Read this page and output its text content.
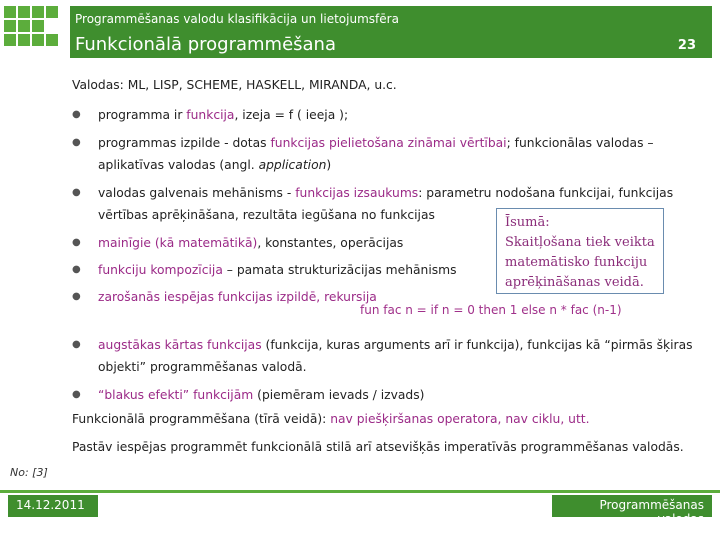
Programmēšanas valodu klasifikācija un lietojumsfēra
Funkcionālā programmēšana	23
Valodas: ML, LISP, SCHEME, HASKELL, MIRANDA, u.c.
● programma ir funkcija, izeja = f ( ieeja );
● programmas izpilde - dotas funkcijas pielietošana zināmai vērtībai; funkcionālas valodas –
aplikatīvas valodas (angl. application)
● valodas galvenais mehānisms - funkcijas izsaukums: parametru nodošana funkcijai, funkcijas
vērtības aprēķināšana, rezultāta iegūšana no funkcijas
● mainīgie (kā matemātikā), konstantes, operācijas
● funkciju kompozīcija – pamata strukturizācijas mehānisms
● zarošanās iespējas funkcijas izpildē, rekursija
● augstākas kārtas funkcijas (funkcija, kuras arguments arī ir funkcija), funkcijas kā “pirmās šķiras
objekti” programmēšanas valodā.
● “blakus efekti” funkcijām (piemēram ievads / izvads)
Funkcionālā programmēšana (tīrā veidā): nav piešķiršanas operatora, nav ciklu, utt.
Pastāv iespējas programmēt funkcionālā stilā arī atsevišķās imperatīvās programmēšanas valodās.
fun fac n = if n = 0 then 1 else n * fac (n-1)
Īsumā:
Skaitļošana tiek veikta
matemātisko funkciju
aprēķināšanas veidā.
No: [3]
14.12.2011	Programmēšanas valodas
